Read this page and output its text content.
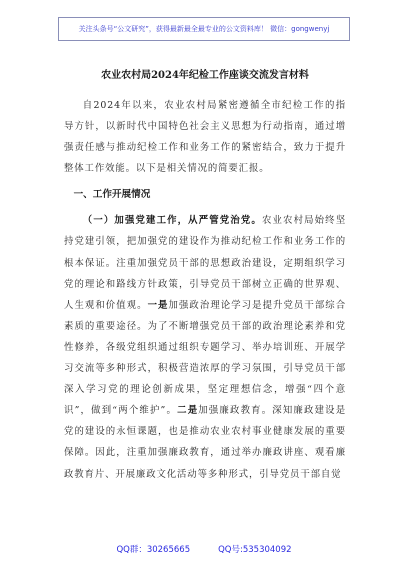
关注头条号“公文研究”，获得最新最全最专业的公文资料库！ 微信：gongwenyj
农业农村局2024年纪检工作座谈交流发言材料

自2024年以来，农业农村局紧密遵循全市纪检工作的指导方针，以新时代中国特色社会主义思想为行动指南，通过增强责任感与推动纪检工作和业务工作的紧密结合，致力于提升整体工作效能。以下是相关情况的简要汇报。

一、工作开展情况

（一）加强党建工作，从严管党治党。农业农村局始终坚持党建引领，把加强党的建设作为推动纪检工作和业务工作的根本保证。注重加强党员干部的思想政治建设，定期组织学习党的理论和路线方针政策，引导党员干部树立正确的世界观、人生观和价值观。一是加强政治理论学习是提升党员干部综合素质的重要途径。为了不断增强党员干部的政治理论素养和党性修养，各级党组织通过组织专题学习、举办培训班、开展学习交流等多种形式，积极营造浓厚的学习氛围，引导党员干部深入学习党的理论创新成果，坚定理想信念，增强“四个意识”，做到“两个维护”。二是加强廉政教育。深知廉政建设是党的建设的永恒课题，也是推动农业农村事业健康发展的重要保障。因此，注重加强廉政教育，通过举办廉政讲座、观看廉政教育片、开展廉政文化活动等多种形式，引导党员干部自觉

QQ群：30265665	QQ号:535304092
